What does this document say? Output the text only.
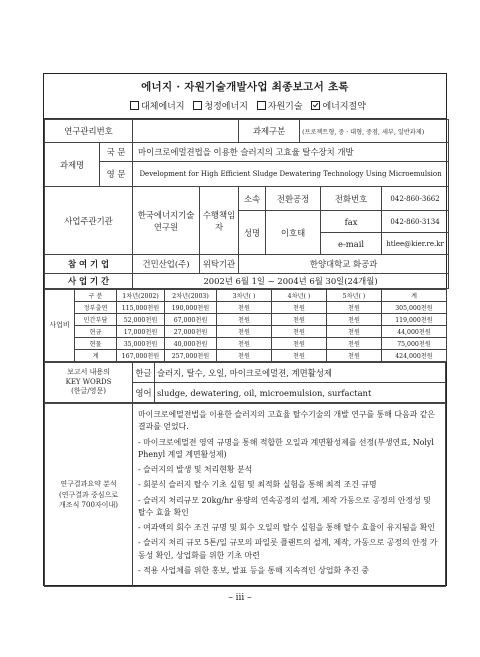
에너지 · 자원기술개발사업 최종보고서 초록
대체에너지 청정에너지 자원기술 에너지절약
연구관리번호				과제구분		(프로젝트형, 중 · 대형, 중점, 세부, 일반과제)		
과제명	국 문	마이크로에멀젼법을 이용한 슬러지의 고효율 탈수장치 개발						
	영 문	Development for High Efficient Sludge Dewatering Technology Using Microemulsion						
사업주관기관		한국에너지기술연구원	수행책임자	소속	전환공정		전화번호	042-860-3662
				성명	이호태		fax	042-860-3134
							e-mail	htlee@kier.re.kr
참 여 기 업		건민산업(주)	위탁기관	한양대학교 화공과				
사 업 기 간		2002년 6월 1일 ~ 2004년 6월 30일(24개월)						
사업비	구 분	1차년(2002)	2차년(2003)	3차년( )	4차년( )	5차년( )	계
	정부출연	115,000천원	190,000천원	천원	천원	천원	305,000천원
	민간부담	52,000천원	67,000천원	천원	천원	천원	119,000천원
	현금	17,000천원	27,000천원	천원	천원	천원	44,000천원
	현물	35,000천원	40,000천원	천원	천원	천원	75,000천원
	계	167,000천원	257,000천원	천원	천원	천원	424,000천원
보고서 내용의
KEY WORDS
(한글/영문)	한글	슬러지, 탈수, 오일, 마이크로에멀젼, 계면활성제
	영어	sludge, dewatering, oil, microemulsion, surfactant
연구결과요약 분석
(연구결과 중심으로
개조식 700자이내)

마이크로에멀젼법을 이용한 슬러지의 고효율 탈수기술의 개발 연구를 통해 다음과 같은 결과를 얻었다.

- 마이크로에멀젼 영역 규명을 통해 적합한 오일과 계면활성제를 선정(부생연료, Nolyl Phenyl 계열 계면활성제)

- 슬러지의 발생 및 처리현황 분석

- 회분식 슬러지 탈수 기초 실험 및 최적화 실험을 통해 최적 조건 규명

- 슬러지 처리규모 20kg/hr 용량의 연속공정의 설계, 제작 가동으로 공정의 안정성 및 탈수 효율 확인

- 여과액의 회수 조건 규명 및 회수 오일의 탈수 실험을 통해 탈수 효율이 유지됨을 확인

- 슬러지 처리 규모 5톤/일 규모의 파일롯 플랜트의 설계, 제작, 가동으로 공정의 안정 가동성 확인, 상업화를 위한 기초 마련

- 적용 사업체를 위한 홍보, 발표 등을 통해 지속적인 상업화 추진 중

– iii –
